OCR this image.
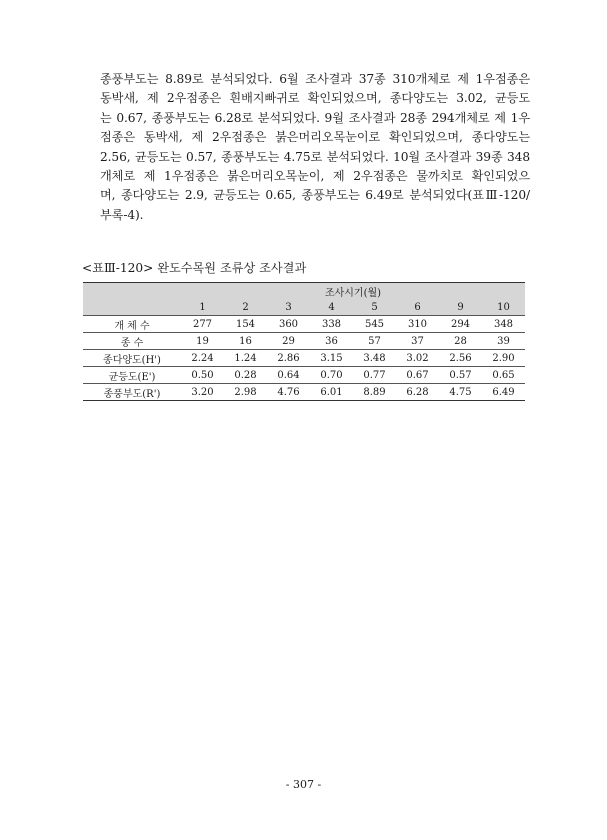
종풍부도는 8.89로 분석되었다. 6월 조사결과 37종 310개체로 제 1우점종은
동박새, 제 2우점종은 흰배지빠귀로 확인되었으며, 종다양도는 3.02, 균등도
는 0.67, 종풍부도는 6.28로 분석되었다. 9월 조사결과 28종 294개체로 제 1우
점종은 동박새, 제 2우점종은 붉은머리오목눈이로 확인되었으며, 종다양도는
2.56, 균등도는 0.57, 종풍부도는 4.75로 분석되었다. 10월 조사결과 39종 348
개체로 제 1우점종은 붉은머리오목눈이, 제 2우점종은 물까치로 확인되었으
며, 종다양도는 2.9, 균등도는 0.65, 종풍부도는 6.49로 분석되었다(표Ⅲ-120/
부록-4).
<표Ⅲ-120> 완도수목원 조류상 조사결과
	조사시기(월)							
	1	2	3	4	5	6	9	10
개 체 수	277	154	360	338	545	310	294	348
종 수	19	16	29	36	57	37	28	39
종다양도(H')	2.24	1.24	2.86	3.15	3.48	3.02	2.56	2.90
균등도(E')	0.50	0.28	0.64	0.70	0.77	0.67	0.57	0.65
종풍부도(R')	3.20	2.98	4.76	6.01	8.89	6.28	4.75	6.49
- 307 -
